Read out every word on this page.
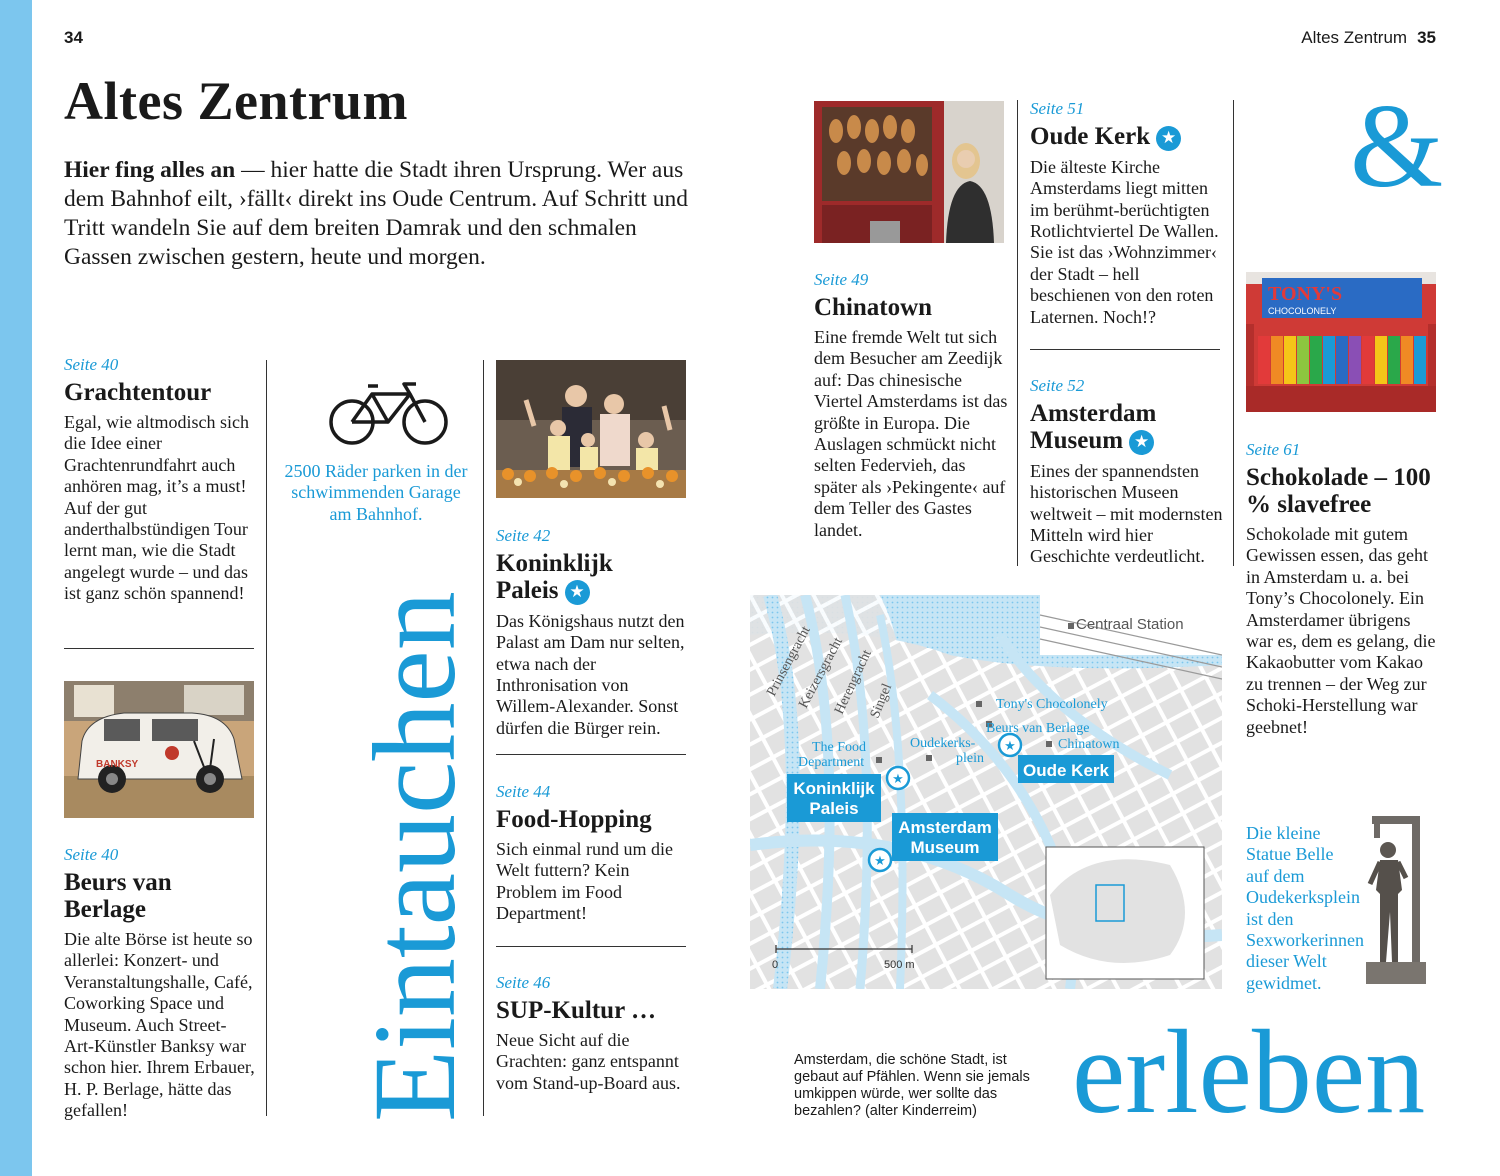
34	Altes Zentrum 35
Altes Zentrum
Hier fing alles an — hier hatte die Stadt ihren Ursprung. Wer aus dem Bahnhof eilt, ›fällt‹ direkt ins Oude Centrum. Auf Schritt und Tritt wandeln Sie auf dem breiten Damrak und den schmalen Gassen zwischen gestern, heute und morgen.
Seite 40
Grachtentour
Egal, wie altmodisch sich die Idee einer Grachtenrundfahrt auch anhören mag, it’s a must! Auf der gut anderthalbstündigen Tour lernt man, wie die Stadt angelegt wurde – und das ist ganz schön spannend!
BANKSY
Seite 40
Beurs van Berlage
Die alte Börse ist heute so allerlei: Konzert- und Veranstaltungshalle, Café, Coworking Space und Museum. Auch Street-Art-Künstler Banksy war schon hier. Ihrem Erbauer, H. P. Berlage, hätte das gefallen!
2500 Räder parken in der schwimmenden Garage am Bahnhof.
Eintauchen
Seite 42
Koninklijk Paleis ★
Das Königshaus nutzt den Palast am Dam nur selten, etwa nach der Inthronisation von Willem-Alexander. Sonst dürfen die Bürger rein.
Seite 44
Food-Hopping
Sich einmal rund um die Welt futtern? Kein Problem im Food Department!
Seite 46
SUP-Kultur …
Neue Sicht auf die Grachten: ganz entspannt vom Stand-up-Board aus.
Seite 49
Chinatown
Eine fremde Welt tut sich dem Besucher am Zeedijk auf: Das chinesische Viertel Amsterdams ist das größte in Europa. Die Auslagen schmückt nicht selten Federvieh, das später als ›Pekingente‹ auf dem Teller des Gastes landet.
Seite 51
Oude Kerk ★
Die älteste Kirche Amsterdams liegt mitten im berühmt-berüchtigten Rotlichtviertel De Wallen. Sie ist das ›Wohnzimmer‹ der Stadt – hell beschienen von den roten Laternen. Noch!?
Seite 52
Amsterdam Museum ★
Eines der spannendsten historischen Museen weltweit – mit modernsten Mitteln wird hier Geschichte verdeutlicht.
&
TONY'S
CHOCOLONELY
Seite 61
Schokolade – 100 % slavefree
Schokolade mit gutem Gewissen essen, das geht in Amsterdam u. a. bei Tony’s Chocolonely. Ein Amsterdamer übrigens war es, dem es gelang, die Kakaobutter vom Kakao zu trennen – der Weg zur Schoki-Herstellung war geebnet!
Die kleine Statue Belle auf dem Oudekerksplein ist den Sexworkerinnen dieser Welt gewidmet.
★
★
★
Prinsengracht
Keizersgracht
Herengracht
Singel	Tony's Chocolonely
Beurs van Berlage
Chinatown
Oudekerks-
plein
The Food
Department
Centraal Station
Koninklijk
Paleis
Amsterdam
Museum
Oude Kerk
0	500 m
Amsterdam, die schöne Stadt, ist gebaut auf Pfählen. Wenn sie jemals umkippen würde, wer sollte das bezahlen? (alter Kinderreim) erleben
